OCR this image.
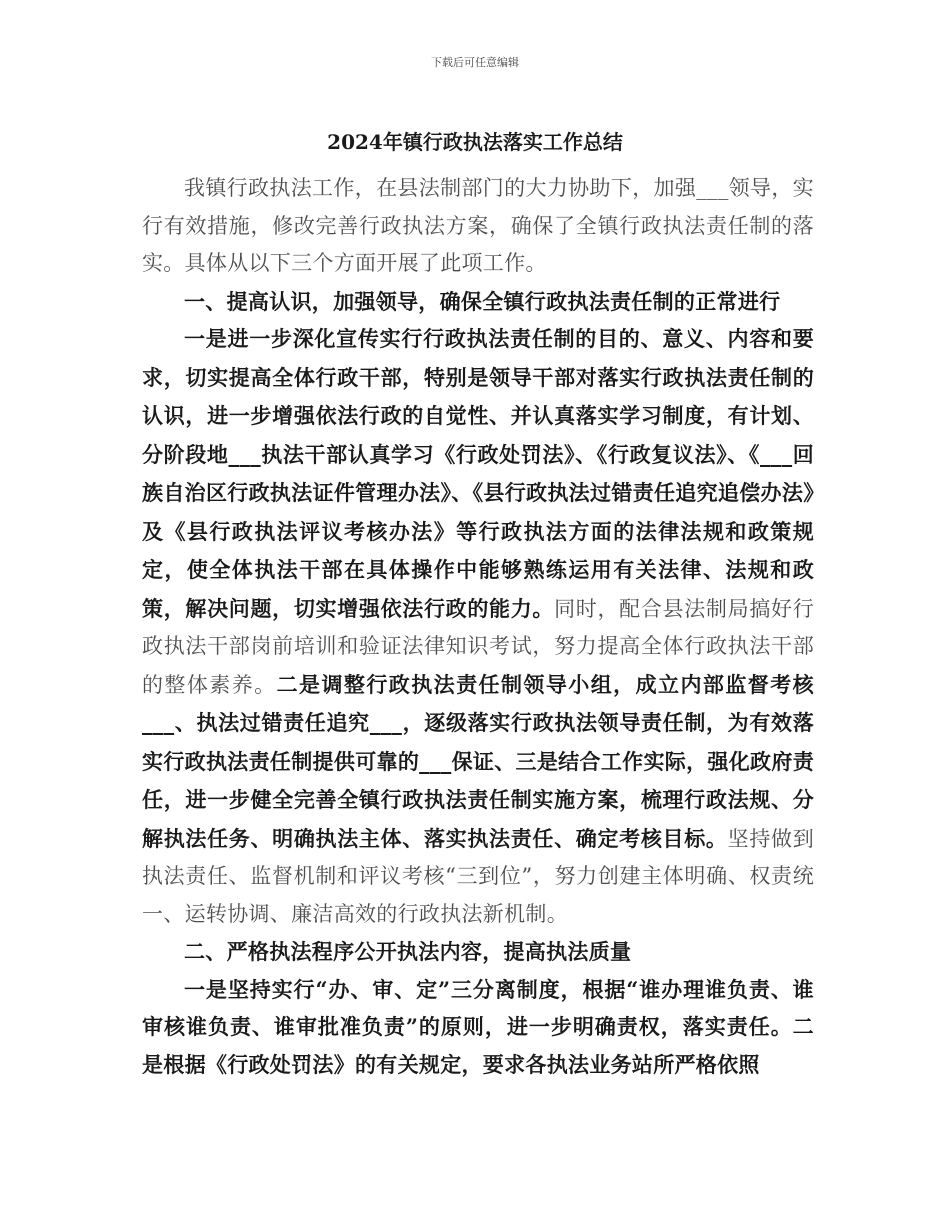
下载后可任意编辑
2024年镇行政执法落实工作总结

我镇行政执法工作，在县法制部门的大力协助下，加强___领导，实行有效措施，修改完善行政执法方案，确保了全镇行政执法责任制的落实。具体从以下三个方面开展了此项工作。

一、提高认识，加强领导，确保全镇行政执法责任制的正常进行

一是进一步深化宣传实行行政执法责任制的目的、意义、内容和要求，切实提高全体行政干部，特别是领导干部对落实行政执法责任制的认识，进一步增强依法行政的自觉性、并认真落实学习制度，有计划、分阶段地___执法干部认真学习《行政处罚法》、《行政复议法》、《___回族自治区行政执法证件管理办法》、《县行政执法过错责任追究追偿办法》及《县行政执法评议考核办法》等行政执法方面的法律法规和政策规定，使全体执法干部在具体操作中能够熟练运用有关法律、法规和政策，解决问题，切实增强依法行政的能力。同时，配合县法制局搞好行政执法干部岗前培训和验证法律知识考试，努力提高全体行政执法干部的整体素养。二是调整行政执法责任制领导小组，成立内部监督考核___、执法过错责任追究___，逐级落实行政执法领导责任制，为有效落实行政执法责任制提供可靠的___保证、三是结合工作实际，强化政府责任，进一步健全完善全镇行政执法责任制实施方案，梳理行政法规、分解执法任务、明确执法主体、落实执法责任、确定考核目标。坚持做到执法责任、监督机制和评议考核“三到位”，努力创建主体明确、权责统一、运转协调、廉洁高效的行政执法新机制。

二、严格执法程序公开执法内容，提高执法质量

一是坚持实行“办、审、定”三分离制度，根据“谁办理谁负责、谁审核谁负责、谁审批准负责”的原则，进一步明确责权，落实责任。二是根据《行政处罚法》的有关规定，要求各执法业务站所严格依照
